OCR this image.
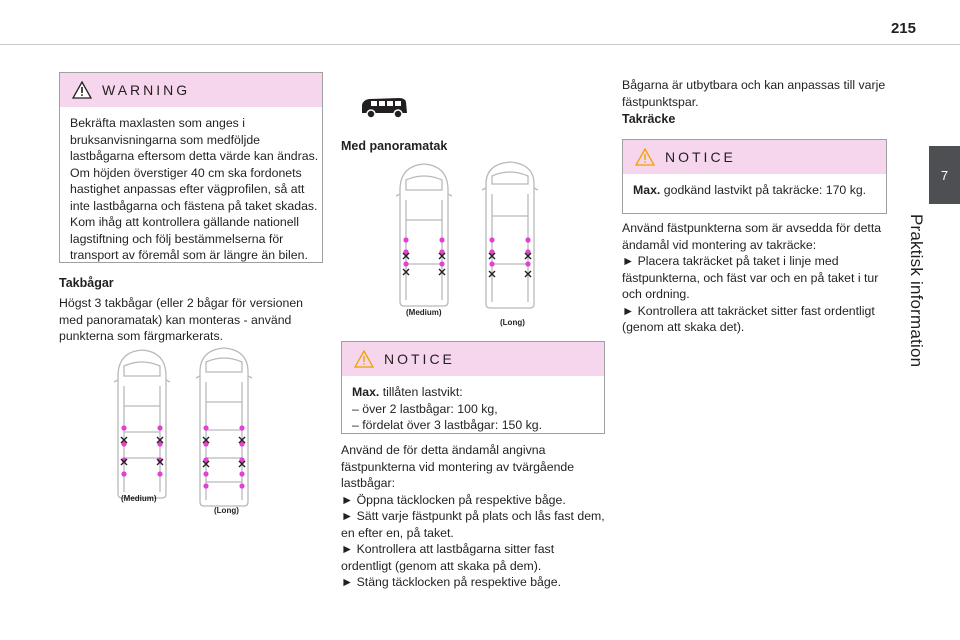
215
7
Praktisk information
WARNING
Bekräfta maxlasten som anges i
bruksanvisningarna som medföljde
lastbågarna eftersom detta värde kan ändras.
Om höjden överstiger 40 cm ska fordonets
hastighet anpassas efter vägprofilen, så att
inte lastbågarna och fästena på taket skadas.
Kom ihåg att kontrollera gällande nationell
lagstiftning och följ bestämmelserna för
transport av föremål som är längre än bilen.
Takbågar
Högst 3 takbågar (eller 2 bågar för versionen
med panoramatak) kan monteras - använd
punkterna som färgmarkerats.
(Medium)
(Long)
Med panoramatak
(Medium)
(Long)
NOTICE
Max. tillåten lastvikt:
– över 2 lastbågar: 100 kg,
– fördelat över 3 lastbågar: 150 kg.
Använd de för detta ändamål angivna
fästpunkterna vid montering av tvärgående
lastbågar:
► Öppna täcklocken på respektive båge.
► Sätt varje fästpunkt på plats och lås fast dem,
en efter en, på taket.
► Kontrollera att lastbågarna sitter fast
ordentligt (genom att skaka på dem).
► Stäng täcklocken på respektive båge.
Bågarna är utbytbara och kan anpassas till varje
fästpunktspar.
Takräcke
NOTICE
Max. godkänd lastvikt på takräcke: 170 kg.
Använd fästpunkterna som är avsedda för detta
ändamål vid montering av takräcke:
► Placera takräcket på taket i linje med
fästpunkterna, och fäst var och en på taket i tur
och ordning.
► Kontrollera att takräcket sitter fast ordentligt
(genom att skaka det).
